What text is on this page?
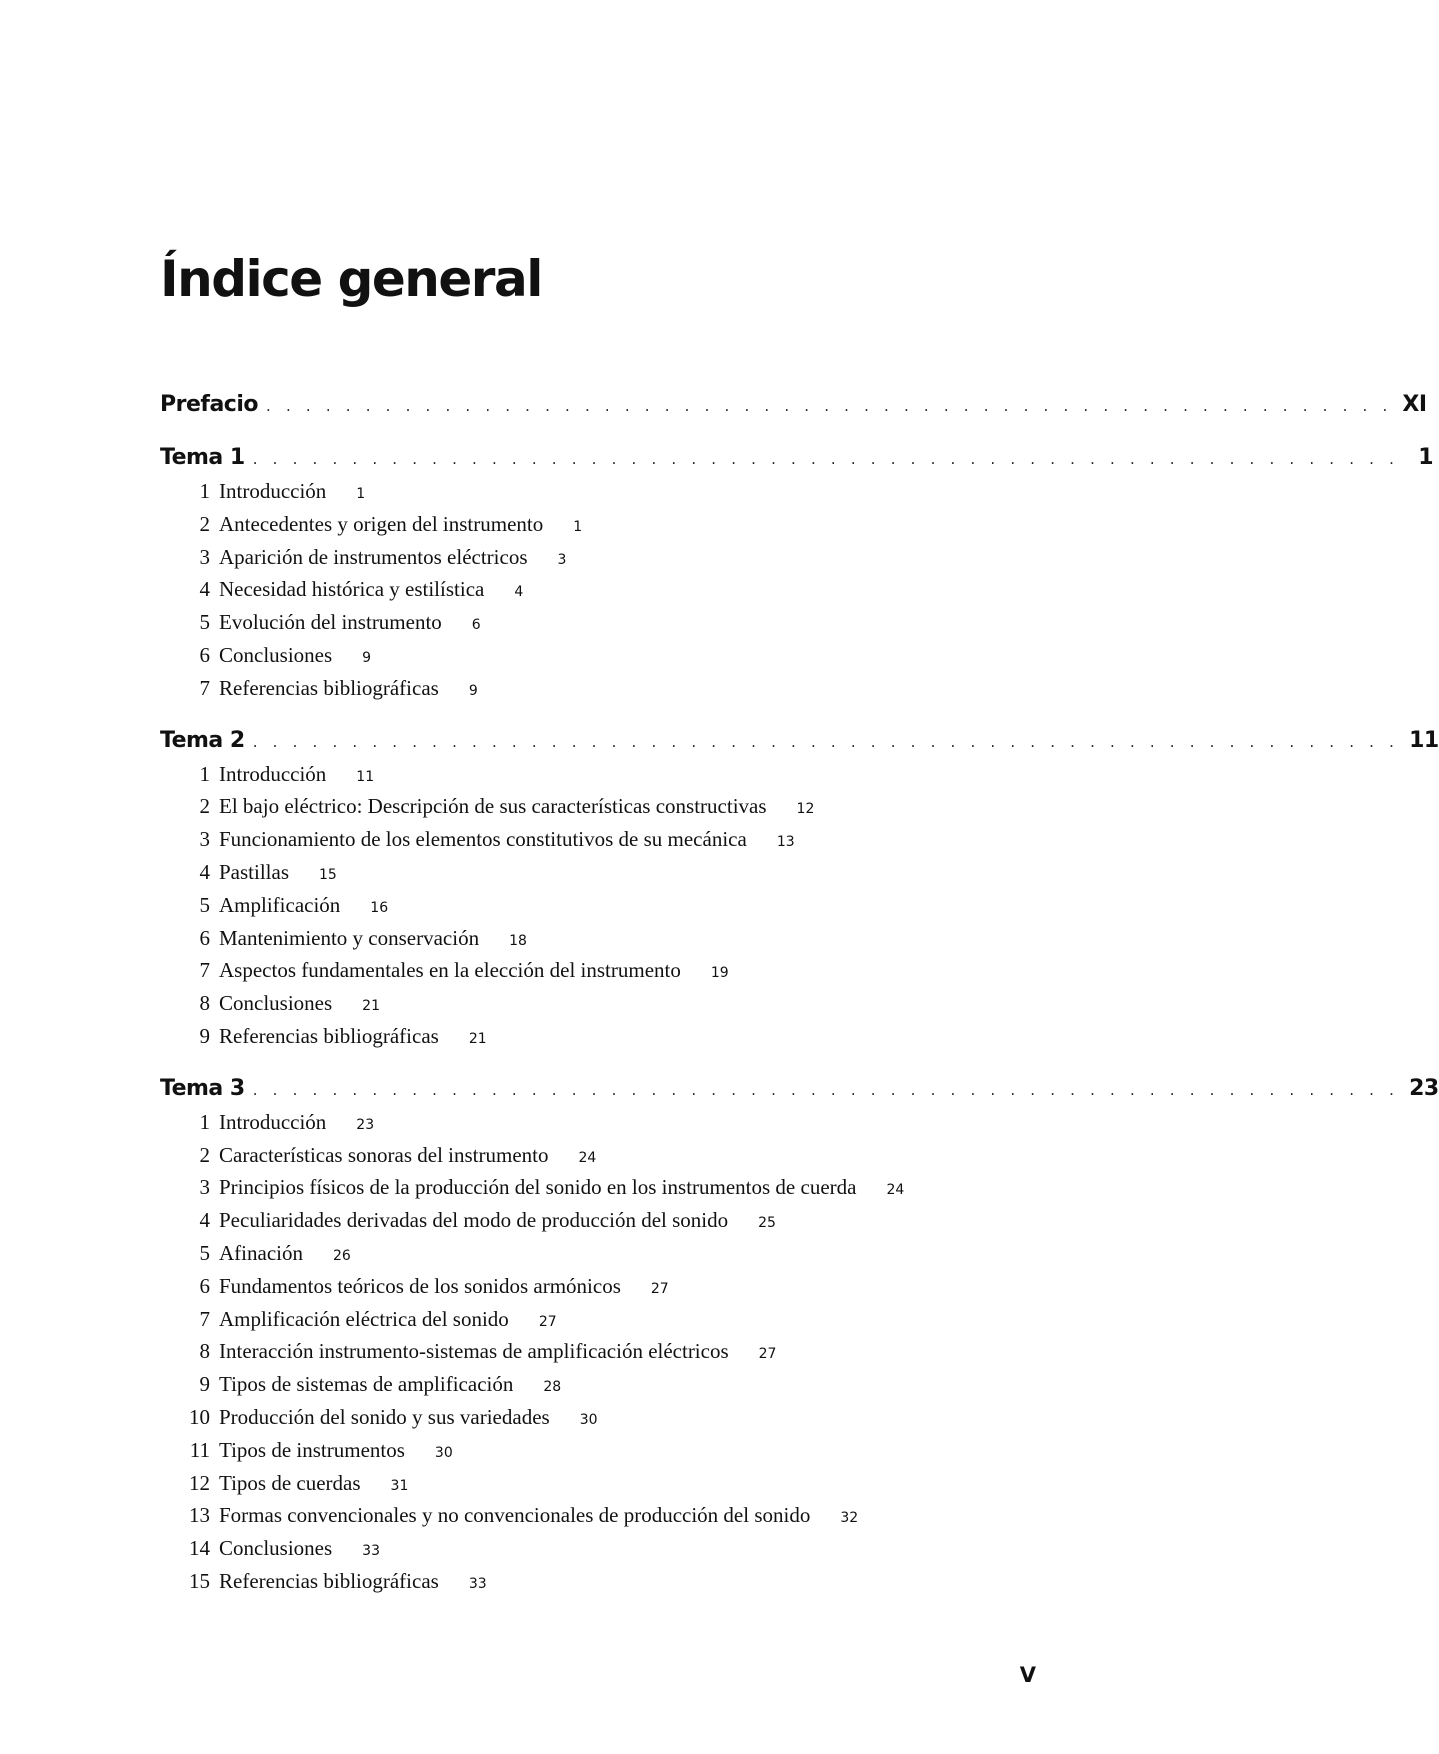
Índice general
Prefacio . . . . . . . . . . . . . . . . . . . . . . . . . . . . . . . . . . . . . . . . . . . . . . . . . . . . . . . . . XI
Tema 1 . . . . . . . . . . . . . . . . . . . . . . . . . . . . . . . . . . . . . . . . . . . . . . . . . . . . . . . . . . 1
1 Introducción 1
2 Antecedentes y origen del instrumento 1
3 Aparición de instrumentos eléctricos 3
4 Necesidad histórica y estilística 4
5 Evolución del instrumento 6
6 Conclusiones 9
7 Referencias bibliográficas 9
Tema 2 . . . . . . . . . . . . . . . . . . . . . . . . . . . . . . . . . . . . . . . . . . . . . . . . . . . . . . . . . . 11
1 Introducción 11
2 El bajo eléctrico: Descripción de sus características constructivas 12
3 Funcionamiento de los elementos constitutivos de su mecánica 13
4 Pastillas 15
5 Amplificación 16
6 Mantenimiento y conservación 18
7 Aspectos fundamentales en la elección del instrumento 19
8 Conclusiones 21
9 Referencias bibliográficas 21
Tema 3 . . . . . . . . . . . . . . . . . . . . . . . . . . . . . . . . . . . . . . . . . . . . . . . . . . . . . . . . . . 23
1 Introducción 23
2 Características sonoras del instrumento 24
3 Principios físicos de la producción del sonido en los instrumentos de cuerda 24
4 Peculiaridades derivadas del modo de producción del sonido 25
5 Afinación 26
6 Fundamentos teóricos de los sonidos armónicos 27
7 Amplificación eléctrica del sonido 27
8 Interacción instrumento-sistemas de amplificación eléctricos 27
9 Tipos de sistemas de amplificación 28
10 Producción del sonido y sus variedades 30
11 Tipos de instrumentos 30
12 Tipos de cuerdas 31
13 Formas convencionales y no convencionales de producción del sonido 32
14 Conclusiones 33
15 Referencias bibliográficas 33
V
